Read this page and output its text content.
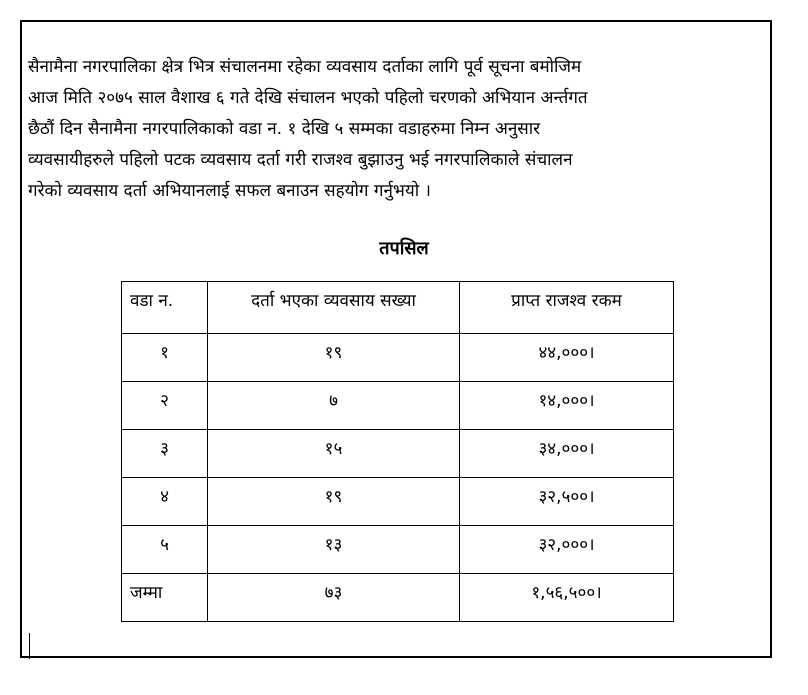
सैनामैना नगरपालिका क्षेत्र भित्र संचालनमा रहेका व्यवसाय दर्ताका लागि पूर्व सूचना बमोजिम
आज मिति २०७५ साल वैशाख ६ गते देखि संचालन भएको पहिलो चरणको अभियान अर्न्तगत
छैठौं दिन सैनामैना नगरपालिकाको वडा न. १ देखि ५ सम्मका वडाहरुमा निम्न अनुसार
व्यवसायीहरुले पहिलो पटक व्यवसाय दर्ता गरी राजश्व बुझाउनु भई नगरपालिकाले संचालन
गरेको व्यवसाय दर्ता अभियानलाई सफल बनाउन सहयोग गर्नुभयो ।

तपसिल
वडा न.	दर्ता भएका व्यवसाय सख्या	प्राप्त राजश्व रकम
१	१९	४४,०००।
२	७	१४,०००।
३	१५	३४,०००।
४	१९	३२,५००।
५	१३	३२,०००।
जम्मा	७३	१,५६,५००।
